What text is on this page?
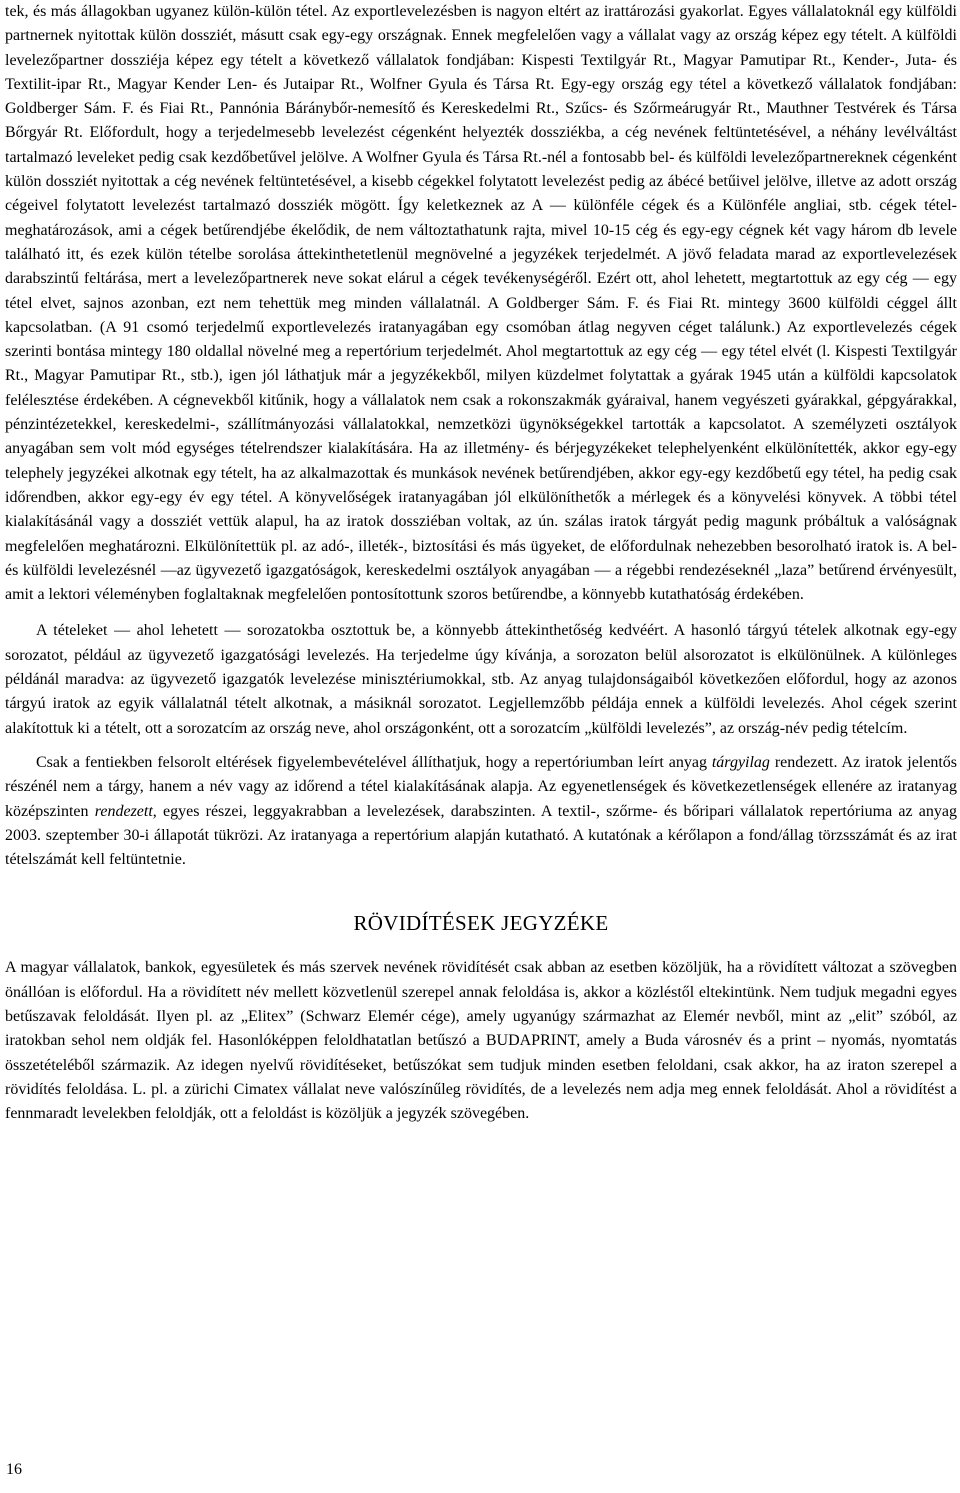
tek, és más állagokban ugyanez külön-külön tétel. Az exportlevelezésben is nagyon eltért az irattározási gyakorlat. Egyes vállalatoknál egy külföldi partnernek nyitottak külön dossziét, másutt csak egy-egy országnak. Ennek megfelelően vagy a vállalat vagy az ország képez egy tételt. A külföldi levelezőpartner dossziéja képez egy tételt a következő vállalatok fondjában: Kispesti Textilgyár Rt., Magyar Pamutipar Rt., Kender-, Juta- és Textilit-ipar Rt., Magyar Kender Len- és Jutaipar Rt., Wolfner Gyula és Társa Rt. Egy-egy ország egy tétel a következő vállalatok fondjában: Goldberger Sám. F. és Fiai Rt., Pannónia Báránybőr-nemesítő és Kereskedelmi Rt., Szűcs- és Szőrmeárugyár Rt., Mauthner Testvérek és Társa Bőrgyár Rt. Előfordult, hogy a terjedelmesebb levelezést cégenként helyezték dossziékba, a cég nevének feltüntetésével, a néhány levélváltást tartalmazó leveleket pedig csak kezdőbetűvel jelölve. A Wolfner Gyula és Társa Rt.-nél a fontosabb bel- és külföldi levelezőpartnereknek cégenként külön dossziét nyitottak a cég nevének feltüntetésével, a kisebb cégekkel folytatott levelezést pedig az ábécé betűivel jelölve, illetve az adott ország cégeivel folytatott levelezést tartalmazó dossziék mögött. Így keletkeznek az A — különféle cégek és a Különféle angliai, stb. cégek tétel-meghatározások, ami a cégek betűrendjébe ékelődik, de nem változtathatunk rajta, mivel 10-15 cég és egy-egy cégnek két vagy három db levele található itt, és ezek külön tételbe sorolása áttekinthetetlenül megnövelné a jegyzékek terjedelmét. A jövő feladata marad az exportlevelezések darabszintű feltárása, mert a levelezőpartnerek neve sokat elárul a cégek tevékenységéről. Ezért ott, ahol lehetett, megtartottuk az egy cég — egy tétel elvet, sajnos azonban, ezt nem tehettük meg minden vállalatnál. A Goldberger Sám. F. és Fiai Rt. mintegy 3600 külföldi céggel állt kapcsolatban. (A 91 csomó terjedelmű exportlevelezés iratanyagában egy csomóban átlag negyven céget találunk.) Az exportlevelezés cégek szerinti bontása mintegy 180 oldallal növelné meg a repertórium terjedelmét. Ahol megtartottuk az egy cég — egy tétel elvét (l. Kispesti Textilgyár Rt., Magyar Pamutipar Rt., stb.), igen jól láthatjuk már a jegyzékekből, milyen küzdelmet folytattak a gyárak 1945 után a külföldi kapcsolatok felélesztése érdekében. A cégnevekből kitűnik, hogy a vállalatok nem csak a rokonszakmák gyáraival, hanem vegyészeti gyárakkal, gépgyárakkal, pénzintézetekkel, kereskedelmi-, szállítmányozási vállalatokkal, nemzetközi ügynökségekkel tartották a kapcsolatot. A személyzeti osztályok anyagában sem volt mód egységes tételrendszer kialakítására. Ha az illetmény- és bérjegyzékeket telephelyenként elkülönítették, akkor egy-egy telephely jegyzékei alkotnak egy tételt, ha az alkalmazottak és munkások nevének betűrendjében, akkor egy-egy kezdőbetű egy tétel, ha pedig csak időrendben, akkor egy-egy év egy tétel. A könyvelőségek iratanyagában jól elkülöníthetők a mérlegek és a könyvelési könyvek. A többi tétel kialakításánál vagy a dossziét vettük alapul, ha az iratok dossziéban voltak, az ún. szálas iratok tárgyát pedig magunk próbáltuk a valóságnak megfelelően meghatározni. Elkülönítettük pl. az adó-, illeték-, biztosítási és más ügyeket, de előfordulnak nehezebben besorolható iratok is. A bel- és külföldi levelezésnél —az ügyvezető igazgatóságok, kereskedelmi osztályok anyagában — a régebbi rendezéseknél „laza” betűrend érvényesült, amit a lektori véleményben foglaltaknak megfelelően pontosítottunk szoros betűrendbe, a könnyebb kutathatóság érdekében.

A tételeket — ahol lehetett — sorozatokba osztottuk be, a könnyebb áttekinthetőség kedvéért. A hasonló tárgyú tételek alkotnak egy-egy sorozatot, például az ügyvezető igazgatósági levelezés. Ha terjedelme úgy kívánja, a sorozaton belül alsorozatot is elkülönülnek. A különleges példánál maradva: az ügyvezető igazgatók levelezése minisztériumokkal, stb. Az anyag tulajdonságaiból következően előfordul, hogy az azonos tárgyú iratok az egyik vállalatnál tételt alkotnak, a másiknál sorozatot. Legjellemzőbb példája ennek a külföldi levelezés. Ahol cégek szerint alakítottuk ki a tételt, ott a sorozatcím az ország neve, ahol országonként, ott a sorozatcím „külföldi levelezés”, az ország-név pedig tételcím.

Csak a fentiekben felsorolt eltérések figyelembevételével állíthatjuk, hogy a repertóriumban leírt anyag tárgyilag rendezett. Az iratok jelentős részénél nem a tárgy, hanem a név vagy az időrend a tétel kialakításának alapja. Az egyenetlenségek és következetlenségek ellenére az iratanyag középszinten rendezett, egyes részei, leggyakrabban a levelezések, darabszinten. A textil-, szőrme- és bőripari vállalatok repertóriuma az anyag 2003. szeptember 30-i állapotát tükrözi. Az iratanyaga a repertórium alapján kutatható. A kutatónak a kérőlapon a fond/állag törzsszámát és az irat tételszámát kell feltüntetnie.

RÖVIDÍTÉSEK JEGYZÉKE

A magyar vállalatok, bankok, egyesületek és más szervek nevének rövidítését csak abban az esetben közöljük, ha a rövidített változat a szövegben önállóan is előfordul. Ha a rövidített név mellett közvetlenül szerepel annak feloldása is, akkor a közléstől eltekintünk. Nem tudjuk megadni egyes betűszavak feloldását. Ilyen pl. az „Elitex” (Schwarz Elemér cége), amely ugyanúgy származhat az Elemér nevből, mint az „elit” szóból, az iratokban sehol nem oldják fel. Hasonlóképpen feloldhatatlan betűszó a BUDAPRINT, amely a Buda városnév és a print – nyomás, nyomtatás összetételéből származik. Az idegen nyelvű rövidítéseket, betűszókat sem tudjuk minden esetben feloldani, csak akkor, ha az iraton szerepel a rövidítés feloldása. L. pl. a zürichi Cimatex vállalat neve valószínűleg rövidítés, de a levelezés nem adja meg ennek feloldását. Ahol a rövidítést a fennmaradt levelekben feloldják, ott a feloldást is közöljük a jegyzék szövegében.

16
